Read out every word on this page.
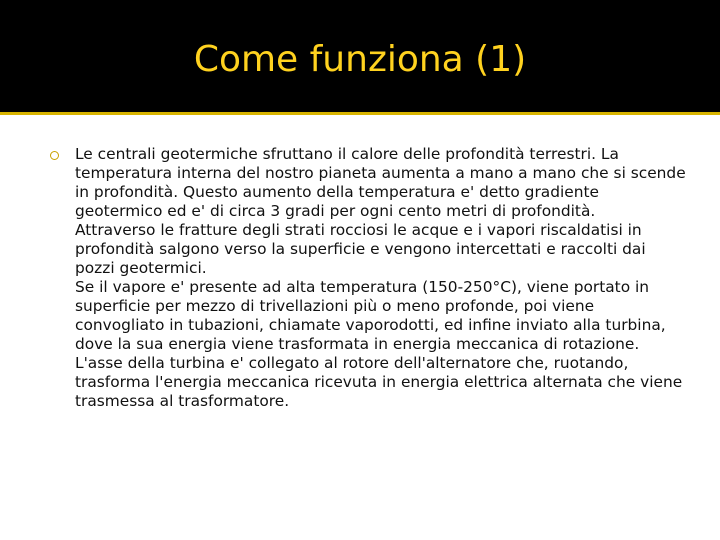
Come funziona (1)

Le centrali geotermiche sfruttano il calore delle profondità terrestri. La temperatura interna del nostro pianeta aumenta a mano a mano che si scende in profondità. Questo aumento della temperatura e' detto gradiente geotermico ed e' di circa 3 gradi per ogni cento metri di profondità.

Attraverso le fratture degli strati rocciosi le acque e i vapori riscaldatisi in profondità salgono verso la superficie e vengono intercettati e raccolti dai pozzi geotermici.

Se il vapore e' presente ad alta temperatura (150-250°C), viene portato in superficie per mezzo di trivellazioni più o meno profonde, poi viene convogliato in tubazioni, chiamate vaporodotti, ed infine inviato alla turbina, dove la sua energia viene trasformata in energia meccanica di rotazione. L'asse della turbina e' collegato al rotore dell'alternatore che, ruotando, trasforma l'energia meccanica ricevuta in energia elettrica alternata che viene trasmessa al trasformatore.
